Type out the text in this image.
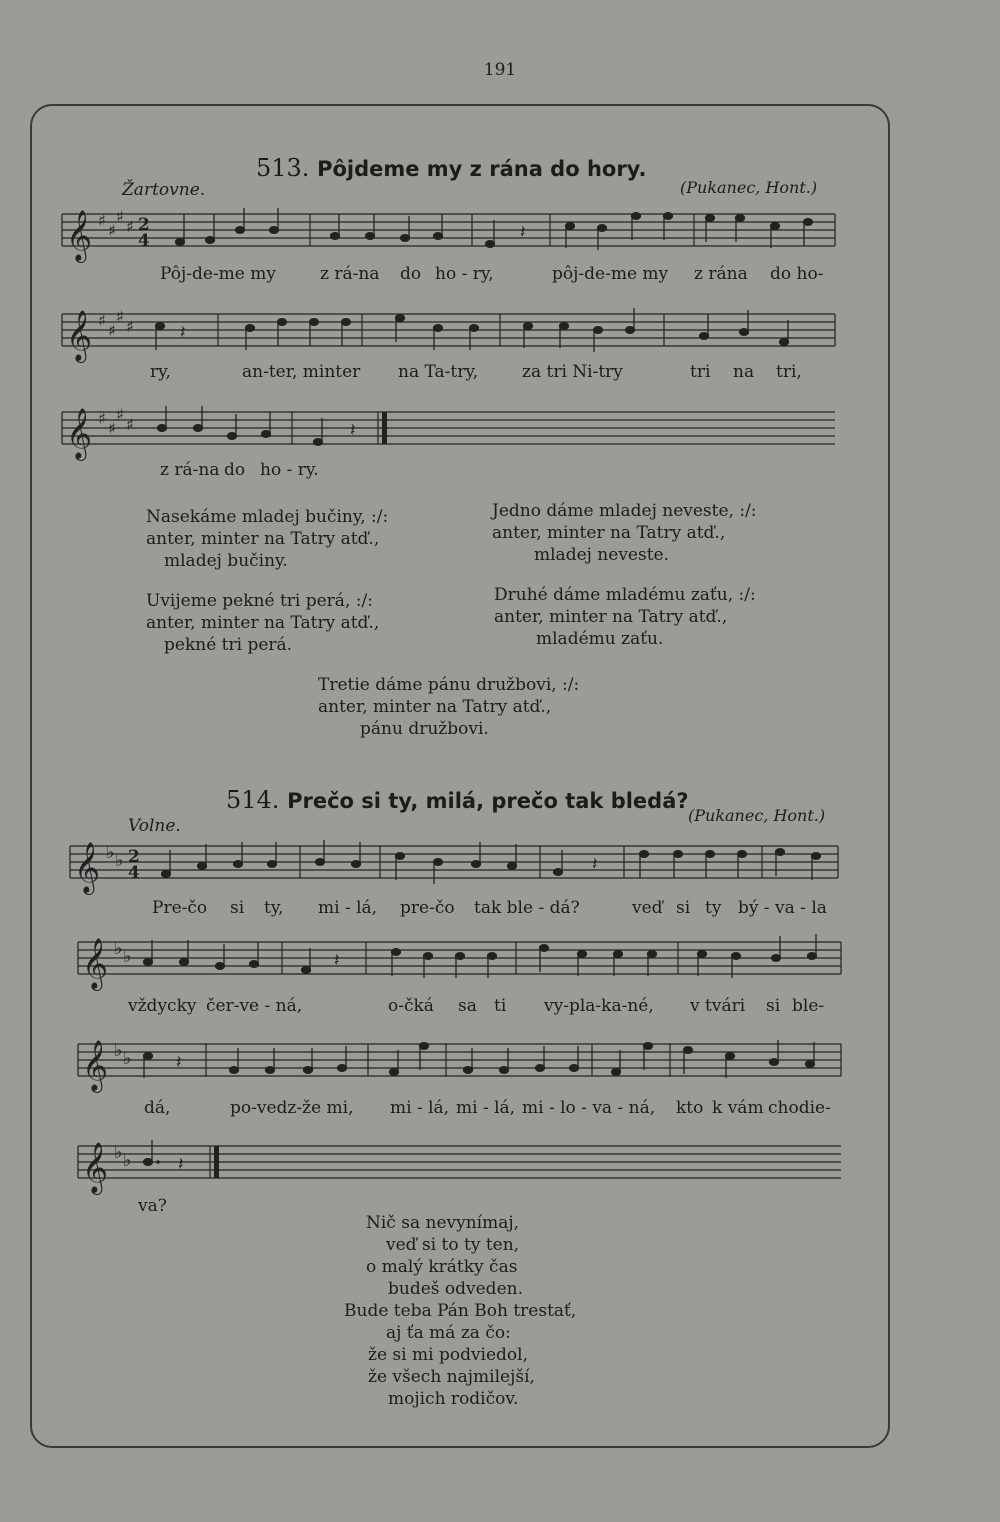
191
513. Pôjdeme my z rána do hory.
Žartovne.	(Pukanec, Hont.)
𝄞 ♯
♯
♯
♯ 2
4	𝄽
Pôj-de-me my	z rá-na do ho - ry,	pôj-de-me my z rána do ho-
𝄞 ♯
♯
♯
♯	𝄽
ry,	an-ter, minter na Ta-try,	za tri Ni-try	tri na tri,
𝄞 ♯
♯
♯
♯	𝄽
z rá-na do ho - ry.
Nasekáme mladej bučiny, :/:
anter, minter na Tatry atď.,
mladej bučiny.
Uvijeme pekné tri perá, :/:
anter, minter na Tatry atď.,
pekné tri perá.
Jedno dáme mladej neveste, :/:
anter, minter na Tatry atď.,
mladej neveste.
Druhé dáme mladému zaťu, :/:
anter, minter na Tatry atď.,
mladému zaťu.
Tretie dáme pánu družbovi, :/:
anter, minter na Tatry atď.,
pánu družbovi.
514. Prečo si ty, milá, prečo tak bledá?
Volne.
(Pukanec, Hont.)
𝄞 ♭ ♭ 2
4	𝄽
Pre-čo si ty, mi - lá, pre-čo tak ble - dá?	veď si ty bý - va - la
𝄞 ♭ ♭	𝄽
vždycky čer-ve - ná,	o-čká sa ti vy-pla-ka-né, v tvári si ble-
𝄞 ♭ ♭ 𝄽
dá,	po-vedz-že mi, mi - lá, mi - lá, mi - lo - va - ná, kto k vám chodie-
𝄞 ♭ ♭	𝄽
va?
Nič sa nevynímaj,
veď si to ty ten,
o malý krátky čas
budeš odveden.
Bude teba Pán Boh trestať,
aj ťa má za čo:
že si mi podviedol,
že všech najmilejší,
mojich rodičov.
